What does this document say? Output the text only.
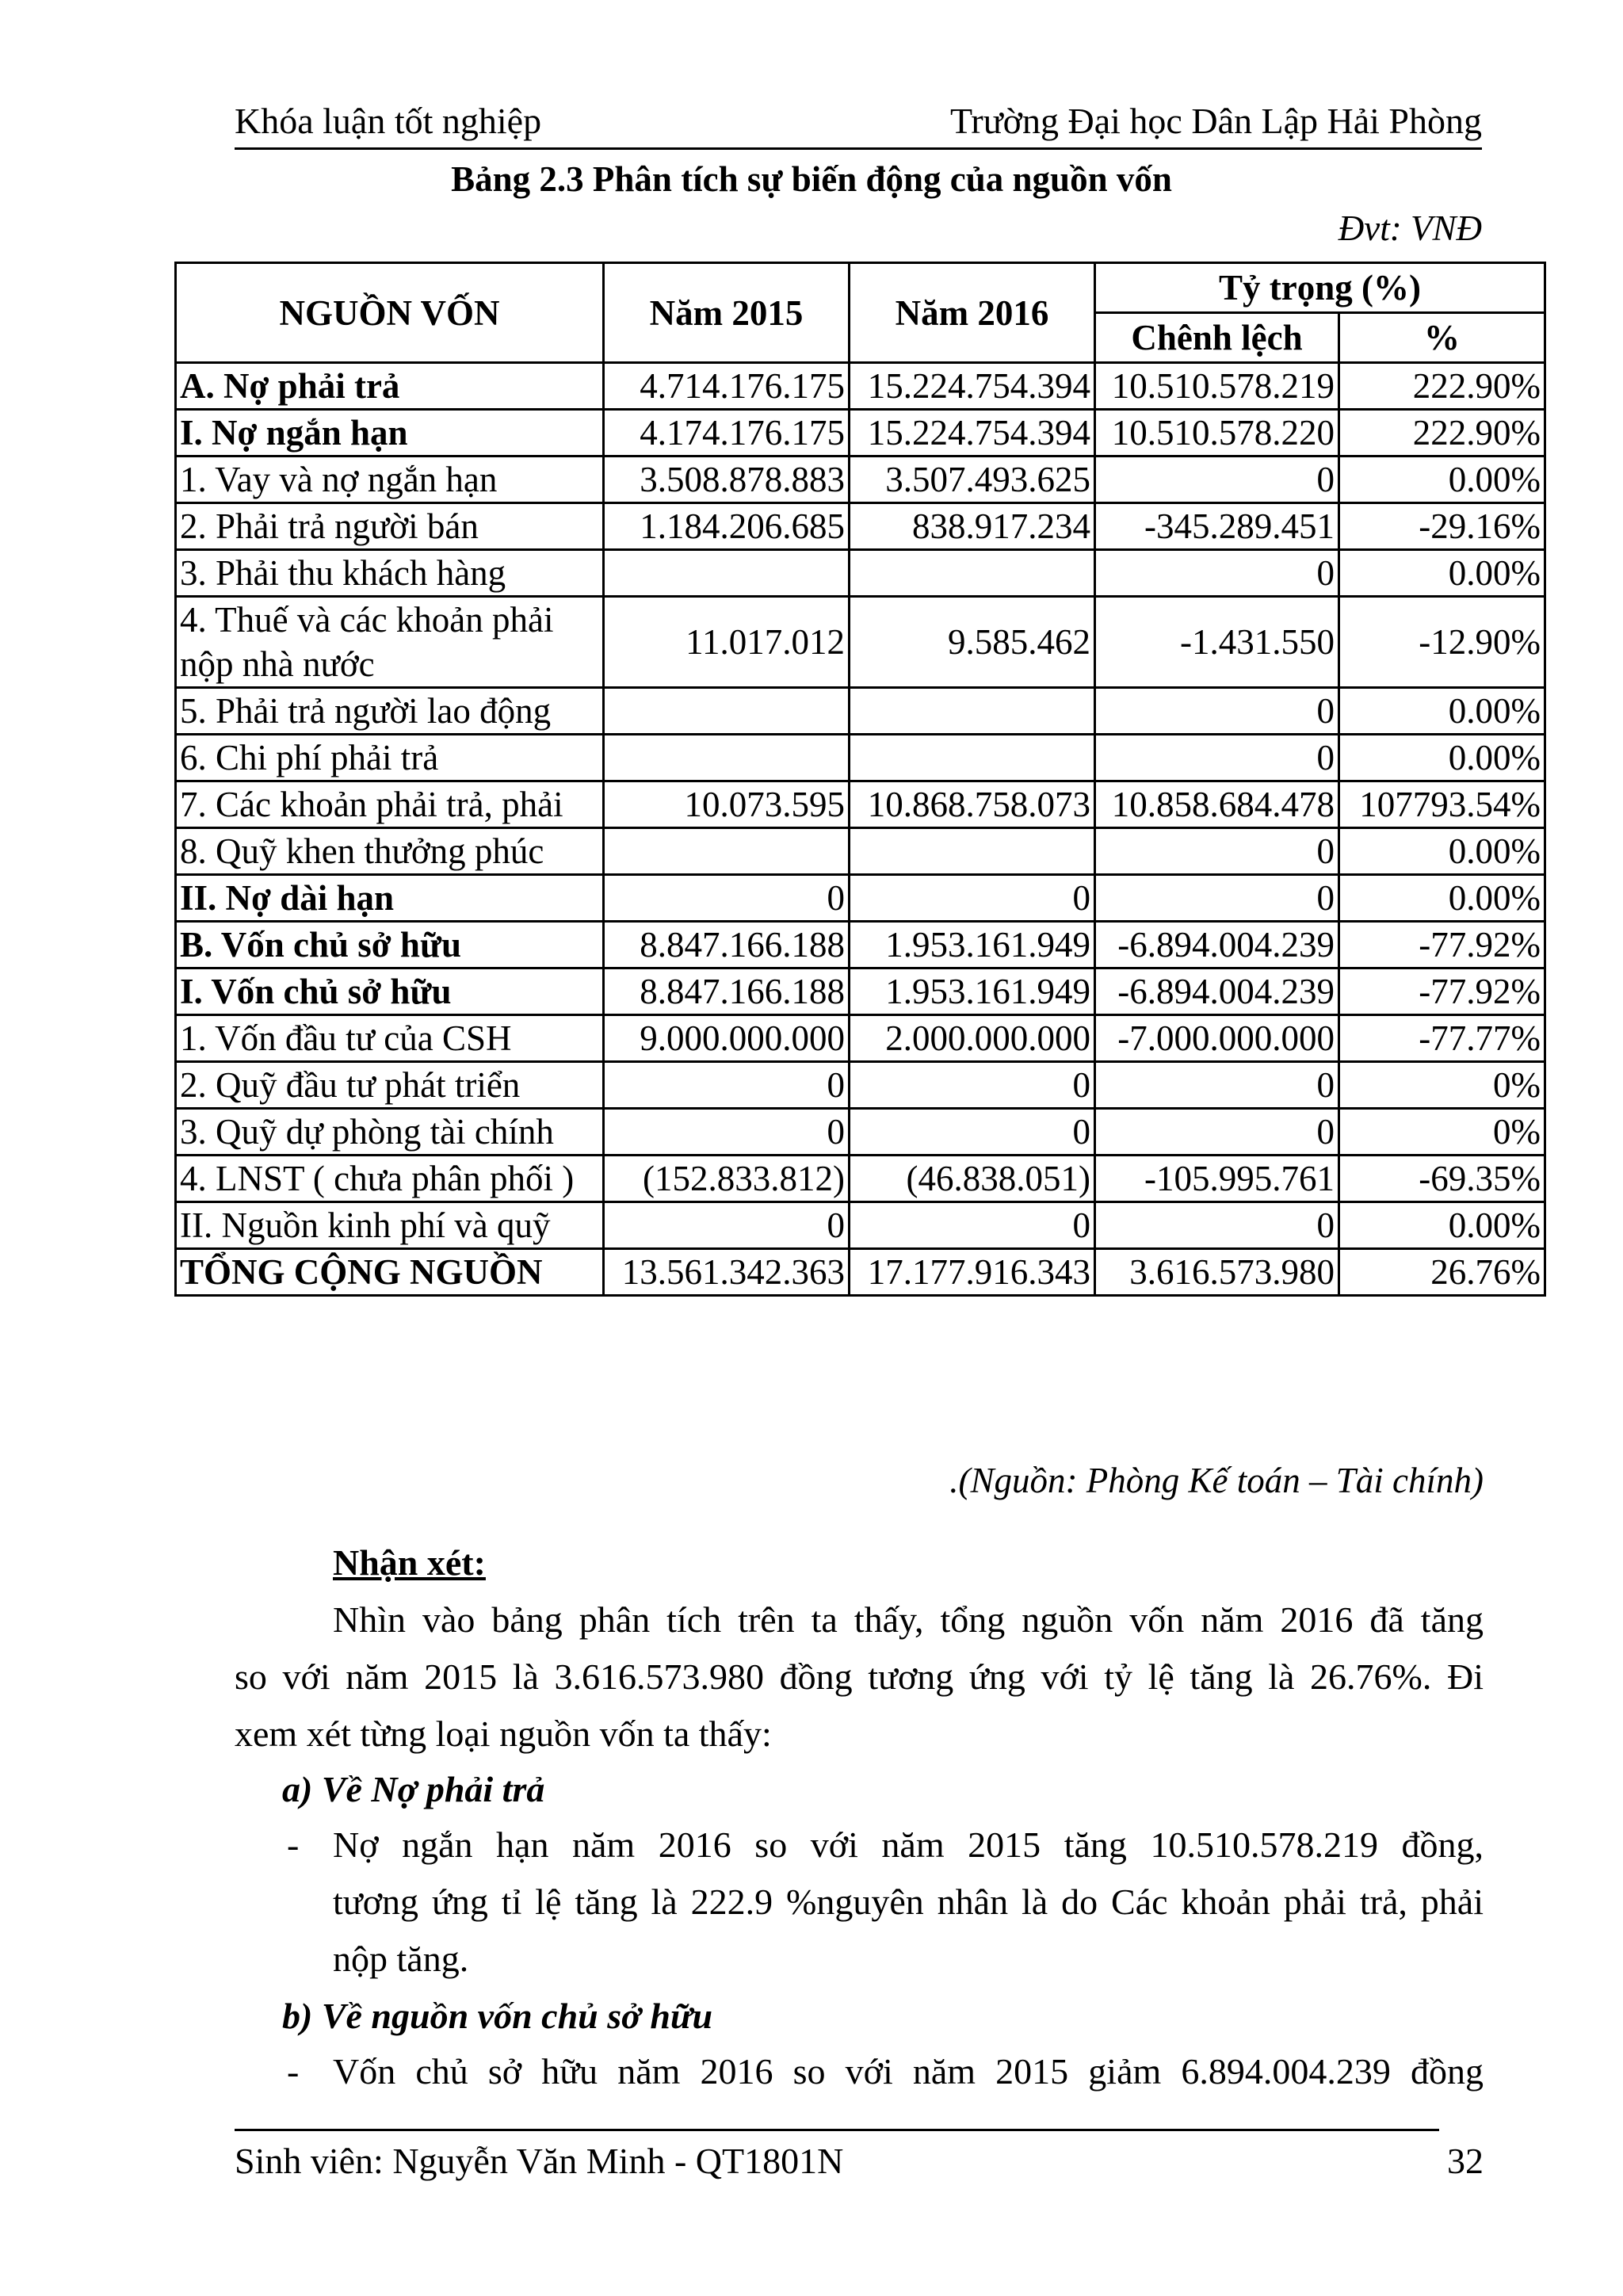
Khóa luận tốt nghiệp	Trường Đại học Dân Lập Hải Phòng
Bảng 2.3 Phân tích sự biến động của nguồn vốn
Đvt: VNĐ
NGUỒN VỐN	Năm 2015	Năm 2016	Tỷ trọng (%)	
			Chênh lệch	%
A. Nợ phải trả	4.714.176.175	15.224.754.394	10.510.578.219	222.90%
I. Nợ ngắn hạn	4.174.176.175	15.224.754.394	10.510.578.220	222.90%
1. Vay và nợ ngắn hạn	3.508.878.883	3.507.493.625	0	0.00%
2. Phải trả người bán	1.184.206.685	838.917.234	-345.289.451	-29.16%
3. Phải thu khách hàng			0	0.00%
4. Thuế và các khoản phải nộp nhà nước	11.017.012	9.585.462	-1.431.550	-12.90%
5. Phải trả người lao động			0	0.00%
6. Chi phí phải trả			0	0.00%
7. Các khoản phải trả, phải	10.073.595	10.868.758.073	10.858.684.478	107793.54%
8. Quỹ khen thưởng phúc			0	0.00%
II. Nợ dài hạn	0	0	0	0.00%
B. Vốn chủ sở hữu	8.847.166.188	1.953.161.949	-6.894.004.239	-77.92%
I. Vốn chủ sở hữu	8.847.166.188	1.953.161.949	-6.894.004.239	-77.92%
1. Vốn đầu tư của CSH	9.000.000.000	2.000.000.000	-7.000.000.000	-77.77%
2. Quỹ đầu tư phát triển	0	0	0	0%
3. Quỹ dự phòng tài chính	0	0	0	0%
4. LNST ( chưa phân phối )	(152.833.812)	(46.838.051)	-105.995.761	-69.35%
II. Nguồn kinh phí và quỹ	0	0	0	0.00%
TỔNG CỘNG NGUỒN	13.561.342.363	17.177.916.343	3.616.573.980	26.76%
.(Nguồn: Phòng Kế toán – Tài chính)
Nhận xét:
Nhìn vào bảng phân tích trên ta thấy, tổng nguồn vốn năm 2016 đã tăng
so với năm 2015 là 3.616.573.980 đồng tương ứng với tỷ lệ tăng là 26.76%. Đi
xem xét từng loại nguồn vốn ta thấy:
a) Về Nợ phải trả
- Nợ ngắn hạn năm 2016 so với năm 2015 tăng 10.510.578.219 đồng,
tương ứng tỉ lệ tăng là 222.9 %nguyên nhân là do Các khoản phải trả, phải
nộp tăng.
b) Về nguồn vốn chủ sở hữu
- Vốn chủ sở hữu năm 2016 so với năm 2015 giảm 6.894.004.239 đồng
Sinh viên: Nguyễn Văn Minh - QT1801N	32
